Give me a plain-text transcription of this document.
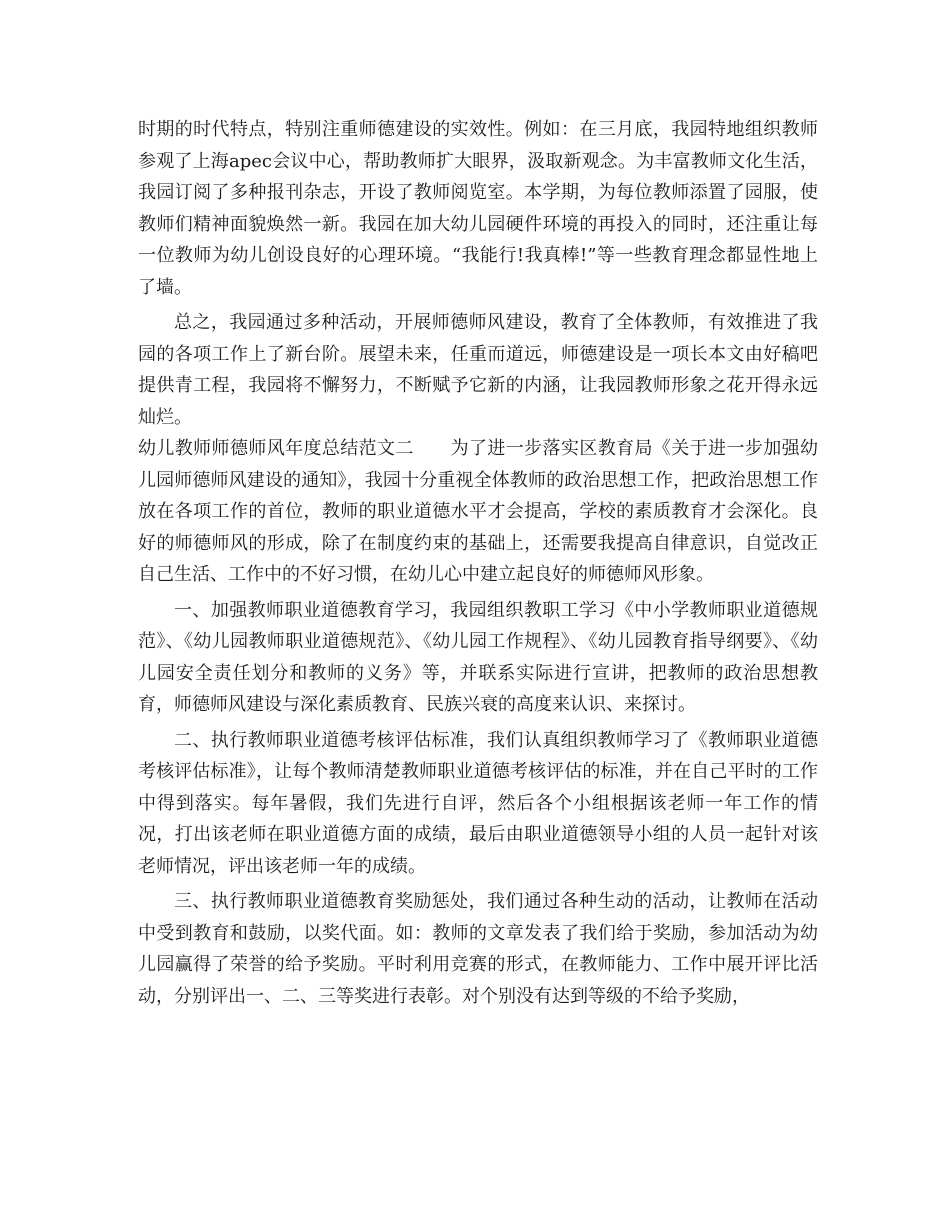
时期的时代特点，特别注重师德建设的实效性。例如：在三月底，我园特地组织教师参观了上海apec会议中心，帮助教师扩大眼界，汲取新观念。为丰富教师文化生活，我园订阅了多种报刊杂志，开设了教师阅览室。本学期，为每位教师添置了园服，使教师们精神面貌焕然一新。我园在加大幼儿园硬件环境的再投入的同时，还注重让每一位教师为幼儿创设良好的心理环境。“我能行!我真棒!”等一些教育理念都显性地上了墙。

总之，我园通过多种活动，开展师德师风建设，教育了全体教师，有效推进了我园的各项工作上了新台阶。展望未来，任重而道远，师德建设是一项长本文由好稿吧提供青工程，我园将不懈努力，不断赋予它新的内涵，让我园教师形象之花开得永远灿烂。

幼儿教师师德师风年度总结范文二　　为了进一步落实区教育局《关于进一步加强幼儿园师德师风建设的通知》，我园十分重视全体教师的政治思想工作，把政治思想工作放在各项工作的首位，教师的职业道德水平才会提高，学校的素质教育才会深化。良好的师德师风的形成，除了在制度约束的基础上，还需要我提高自律意识，自觉改正自己生活、工作中的不好习惯，在幼儿心中建立起良好的师德师风形象。

一、加强教师职业道德教育学习，我园组织教职工学习《中小学教师职业道德规范》、《幼儿园教师职业道德规范》、《幼儿园工作规程》、《幼儿园教育指导纲要》、《幼儿园安全责任划分和教师的义务》等，并联系实际进行宣讲，把教师的政治思想教育，师德师风建设与深化素质教育、民族兴衰的高度来认识、来探讨。

二、执行教师职业道德考核评估标准，我们认真组织教师学习了《教师职业道德考核评估标准》，让每个教师清楚教师职业道德考核评估的标准，并在自己平时的工作中得到落实。每年暑假，我们先进行自评，然后各个小组根据该老师一年工作的情况，打出该老师在职业道德方面的成绩，最后由职业道德领导小组的人员一起针对该老师情况，评出该老师一年的成绩。

三、执行教师职业道德教育奖励惩处，我们通过各种生动的活动，让教师在活动中受到教育和鼓励，以奖代面。如：教师的文章发表了我们给于奖励，参加活动为幼儿园赢得了荣誉的给予奖励。平时利用竞赛的形式，在教师能力、工作中展开评比活动，分别评出一、二、三等奖进行表彰。对个别没有达到等级的不给予奖励，
